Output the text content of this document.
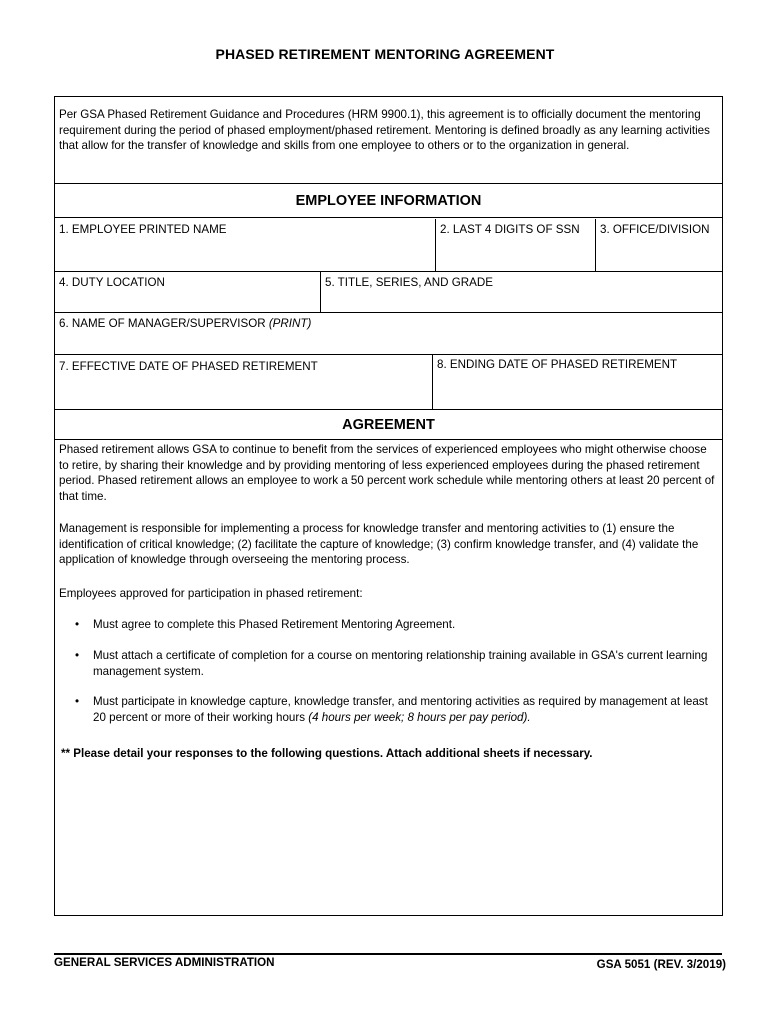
PHASED RETIREMENT MENTORING AGREEMENT
Per GSA Phased Retirement Guidance and Procedures (HRM 9900.1), this agreement is to officially document the mentoring requirement during the period of phased employment/phased retirement. Mentoring is defined broadly as any learning activities that allow for the transfer of knowledge and skills from one employee to others or to the organization in general.
EMPLOYEE INFORMATION
1. EMPLOYEE PRINTED NAME	2. LAST 4 DIGITS OF SSN	3. OFFICE/DIVISION
4. DUTY LOCATION	5. TITLE, SERIES, AND GRADE
6. NAME OF MANAGER/SUPERVISOR (PRINT)
7. EFFECTIVE DATE OF PHASED RETIREMENT	8. ENDING DATE OF PHASED RETIREMENT
AGREEMENT
Phased retirement allows GSA to continue to benefit from the services of experienced employees who might otherwise choose to retire, by sharing their knowledge and by providing mentoring of less experienced employees during the phased retirement period. Phased retirement allows an employee to work a 50 percent work schedule while mentoring others at least 20 percent of that time.
Management is responsible for implementing a process for knowledge transfer and mentoring activities to (1) ensure the identification of critical knowledge; (2) facilitate the capture of knowledge; (3) confirm knowledge transfer, and (4) validate the application of knowledge through overseeing the mentoring process.
Employees approved for participation in phased retirement:
• Must agree to complete this Phased Retirement Mentoring Agreement.
• Must attach a certificate of completion for a course on mentoring relationship training available in GSA's current learning management system.
• Must participate in knowledge capture, knowledge transfer, and mentoring activities as required by management at least 20 percent or more of their working hours (4 hours per week; 8 hours per pay period).
** Please detail your responses to the following questions. Attach additional sheets if necessary.
GENERAL SERVICES ADMINISTRATION	GSA 5051 (REV. 3/2019)
